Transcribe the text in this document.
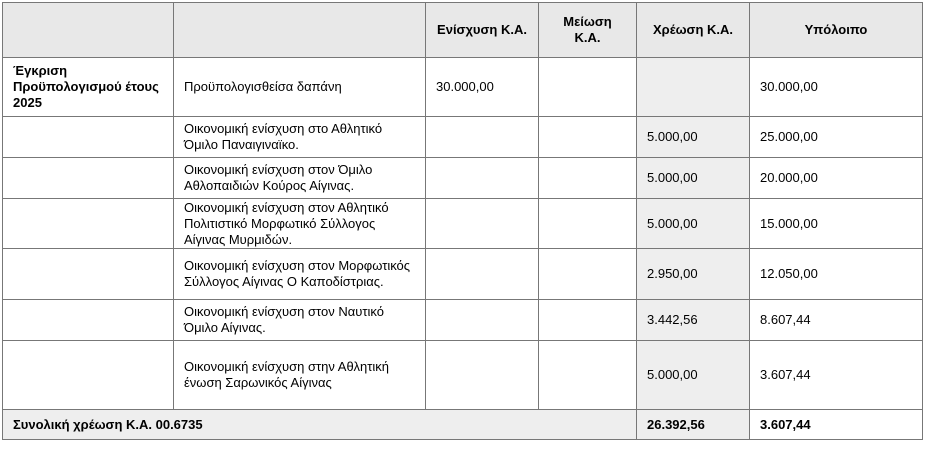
		Ενίσχυση Κ.Α.	Μείωση Κ.Α.	Χρέωση Κ.Α.	Υπόλοιπο
Έγκριση Προϋπολογισμού έτους 2025	Προϋπολογισθείσα δαπάνη	30.000,00			30.000,00
	Οικονομική ενίσχυση στο Αθλητικό Όμιλο Παναιγιναϊκο.			5.000,00	25.000,00
	Οικονομική ενίσχυση στον Όμιλο Αθλοπαιδιών Κούρος Αίγινας.			5.000,00	20.000,00
	Οικονομική ενίσχυση στον Αθλητικό Πολιτιστικό Μορφωτικό Σύλλογος Αίγινας Μυρμιδών.			5.000,00	15.000,00
	Οικονομική ενίσχυση στον Μορφωτικός Σύλλογος Αίγινας Ο Καποδίστριας.			2.950,00	12.050,00
	Οικονομική ενίσχυση στον Ναυτικό Όμιλο Αίγινας.			3.442,56	8.607,44
	Οικονομική ενίσχυση στην Αθλητική ένωση Σαρωνικός Αίγινας			5.000,00	3.607,44
Συνολική χρέωση Κ.Α. 00.6735				26.392,56	3.607,44
